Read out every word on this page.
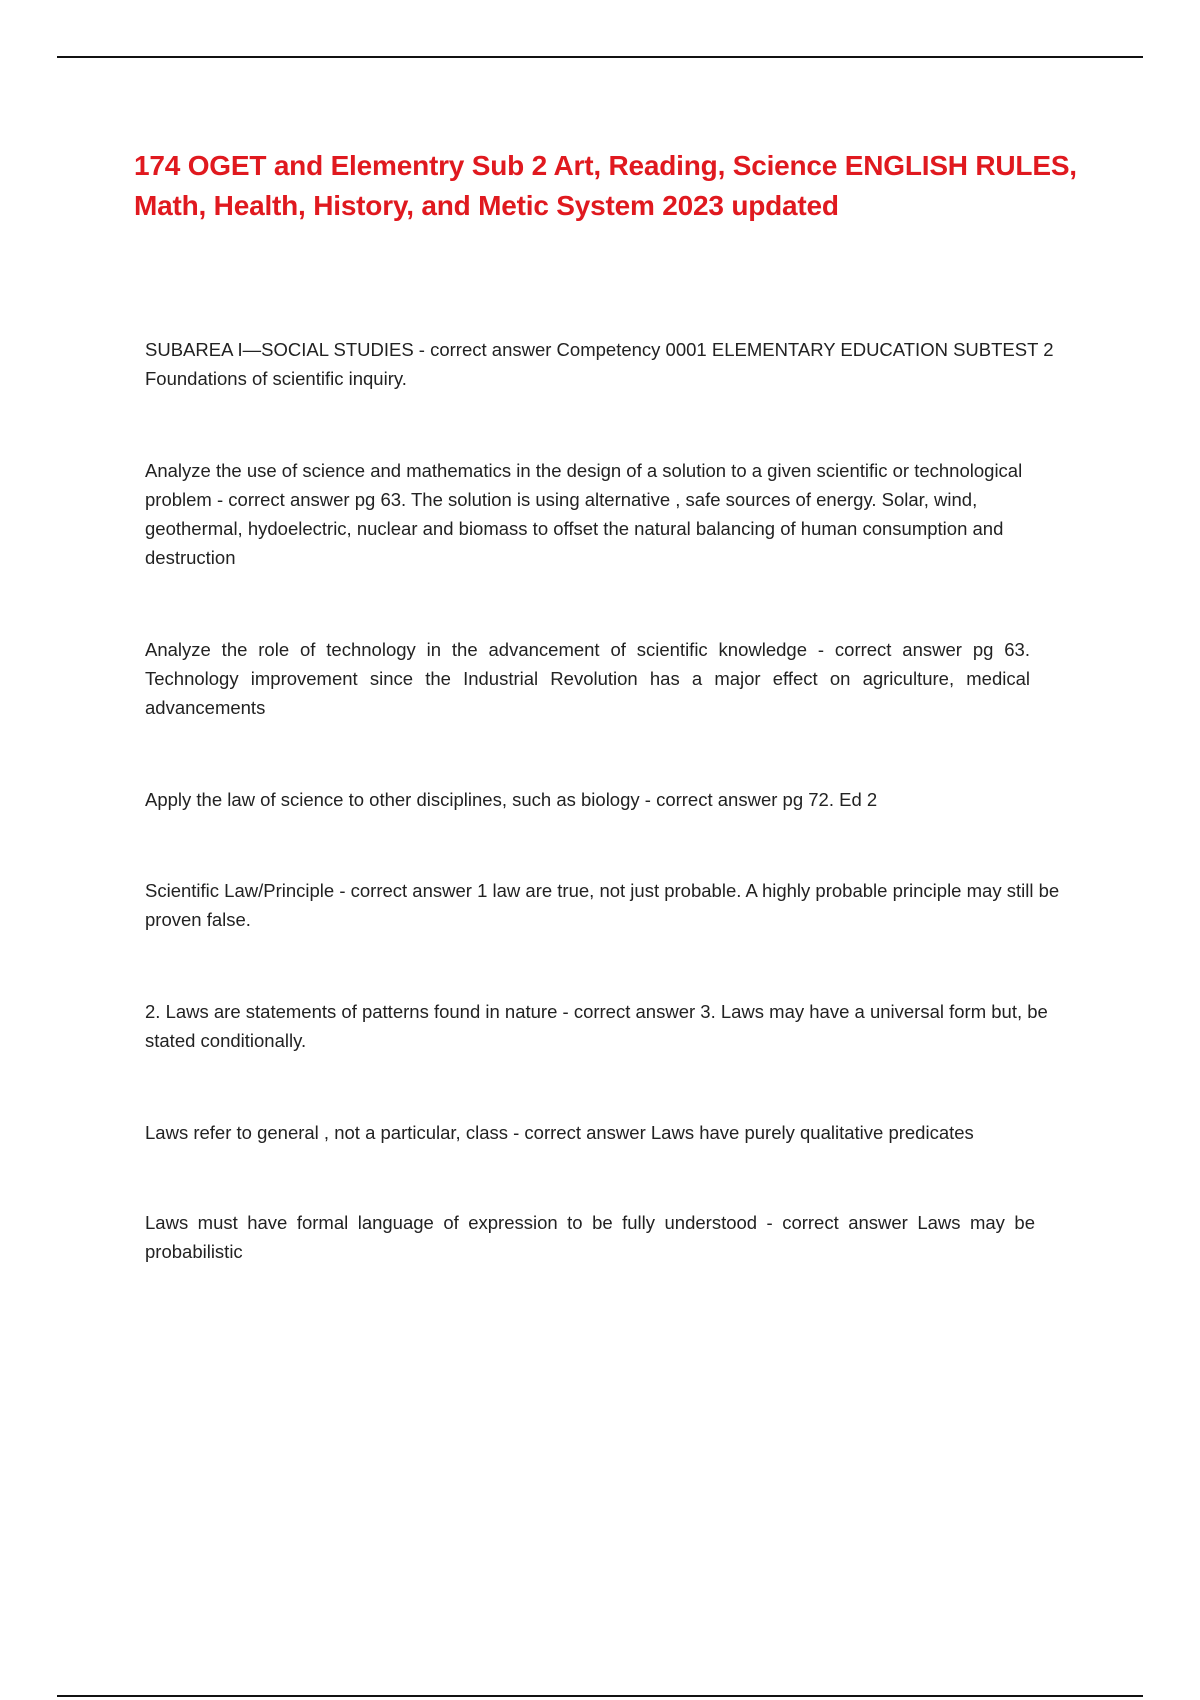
174 OGET and Elementry Sub 2 Art, Reading, Science ENGLISH RULES, Math, Health, History, and Metic System 2023 updated

SUBAREA I—SOCIAL STUDIES - correct answer Competency 0001 ELEMENTARY EDUCATION SUBTEST 2 Foundations of scientific inquiry.

Analyze the use of science and mathematics in the design of a solution to a given scientific or technological problem - correct answer pg 63. The solution is using alternative , safe sources of energy. Solar, wind, geothermal, hydoelectric, nuclear and biomass to offset the natural balancing of human consumption and destruction

Analyze the role of technology in the advancement of scientific knowledge - correct answer pg 63. Technology improvement since the Industrial Revolution has a major effect on agriculture, medical advancements

Apply the law of science to other disciplines, such as biology - correct answer pg 72. Ed 2

Scientific Law/Principle - correct answer 1 law are true, not just probable. A highly probable principle may still be proven false.

2. Laws are statements of patterns found in nature - correct answer 3. Laws may have a universal form but, be stated conditionally.

Laws refer to general , not a particular, class - correct answer Laws have purely qualitative predicates

Laws must have formal language of expression to be fully understood - correct answer Laws may be probabilistic
